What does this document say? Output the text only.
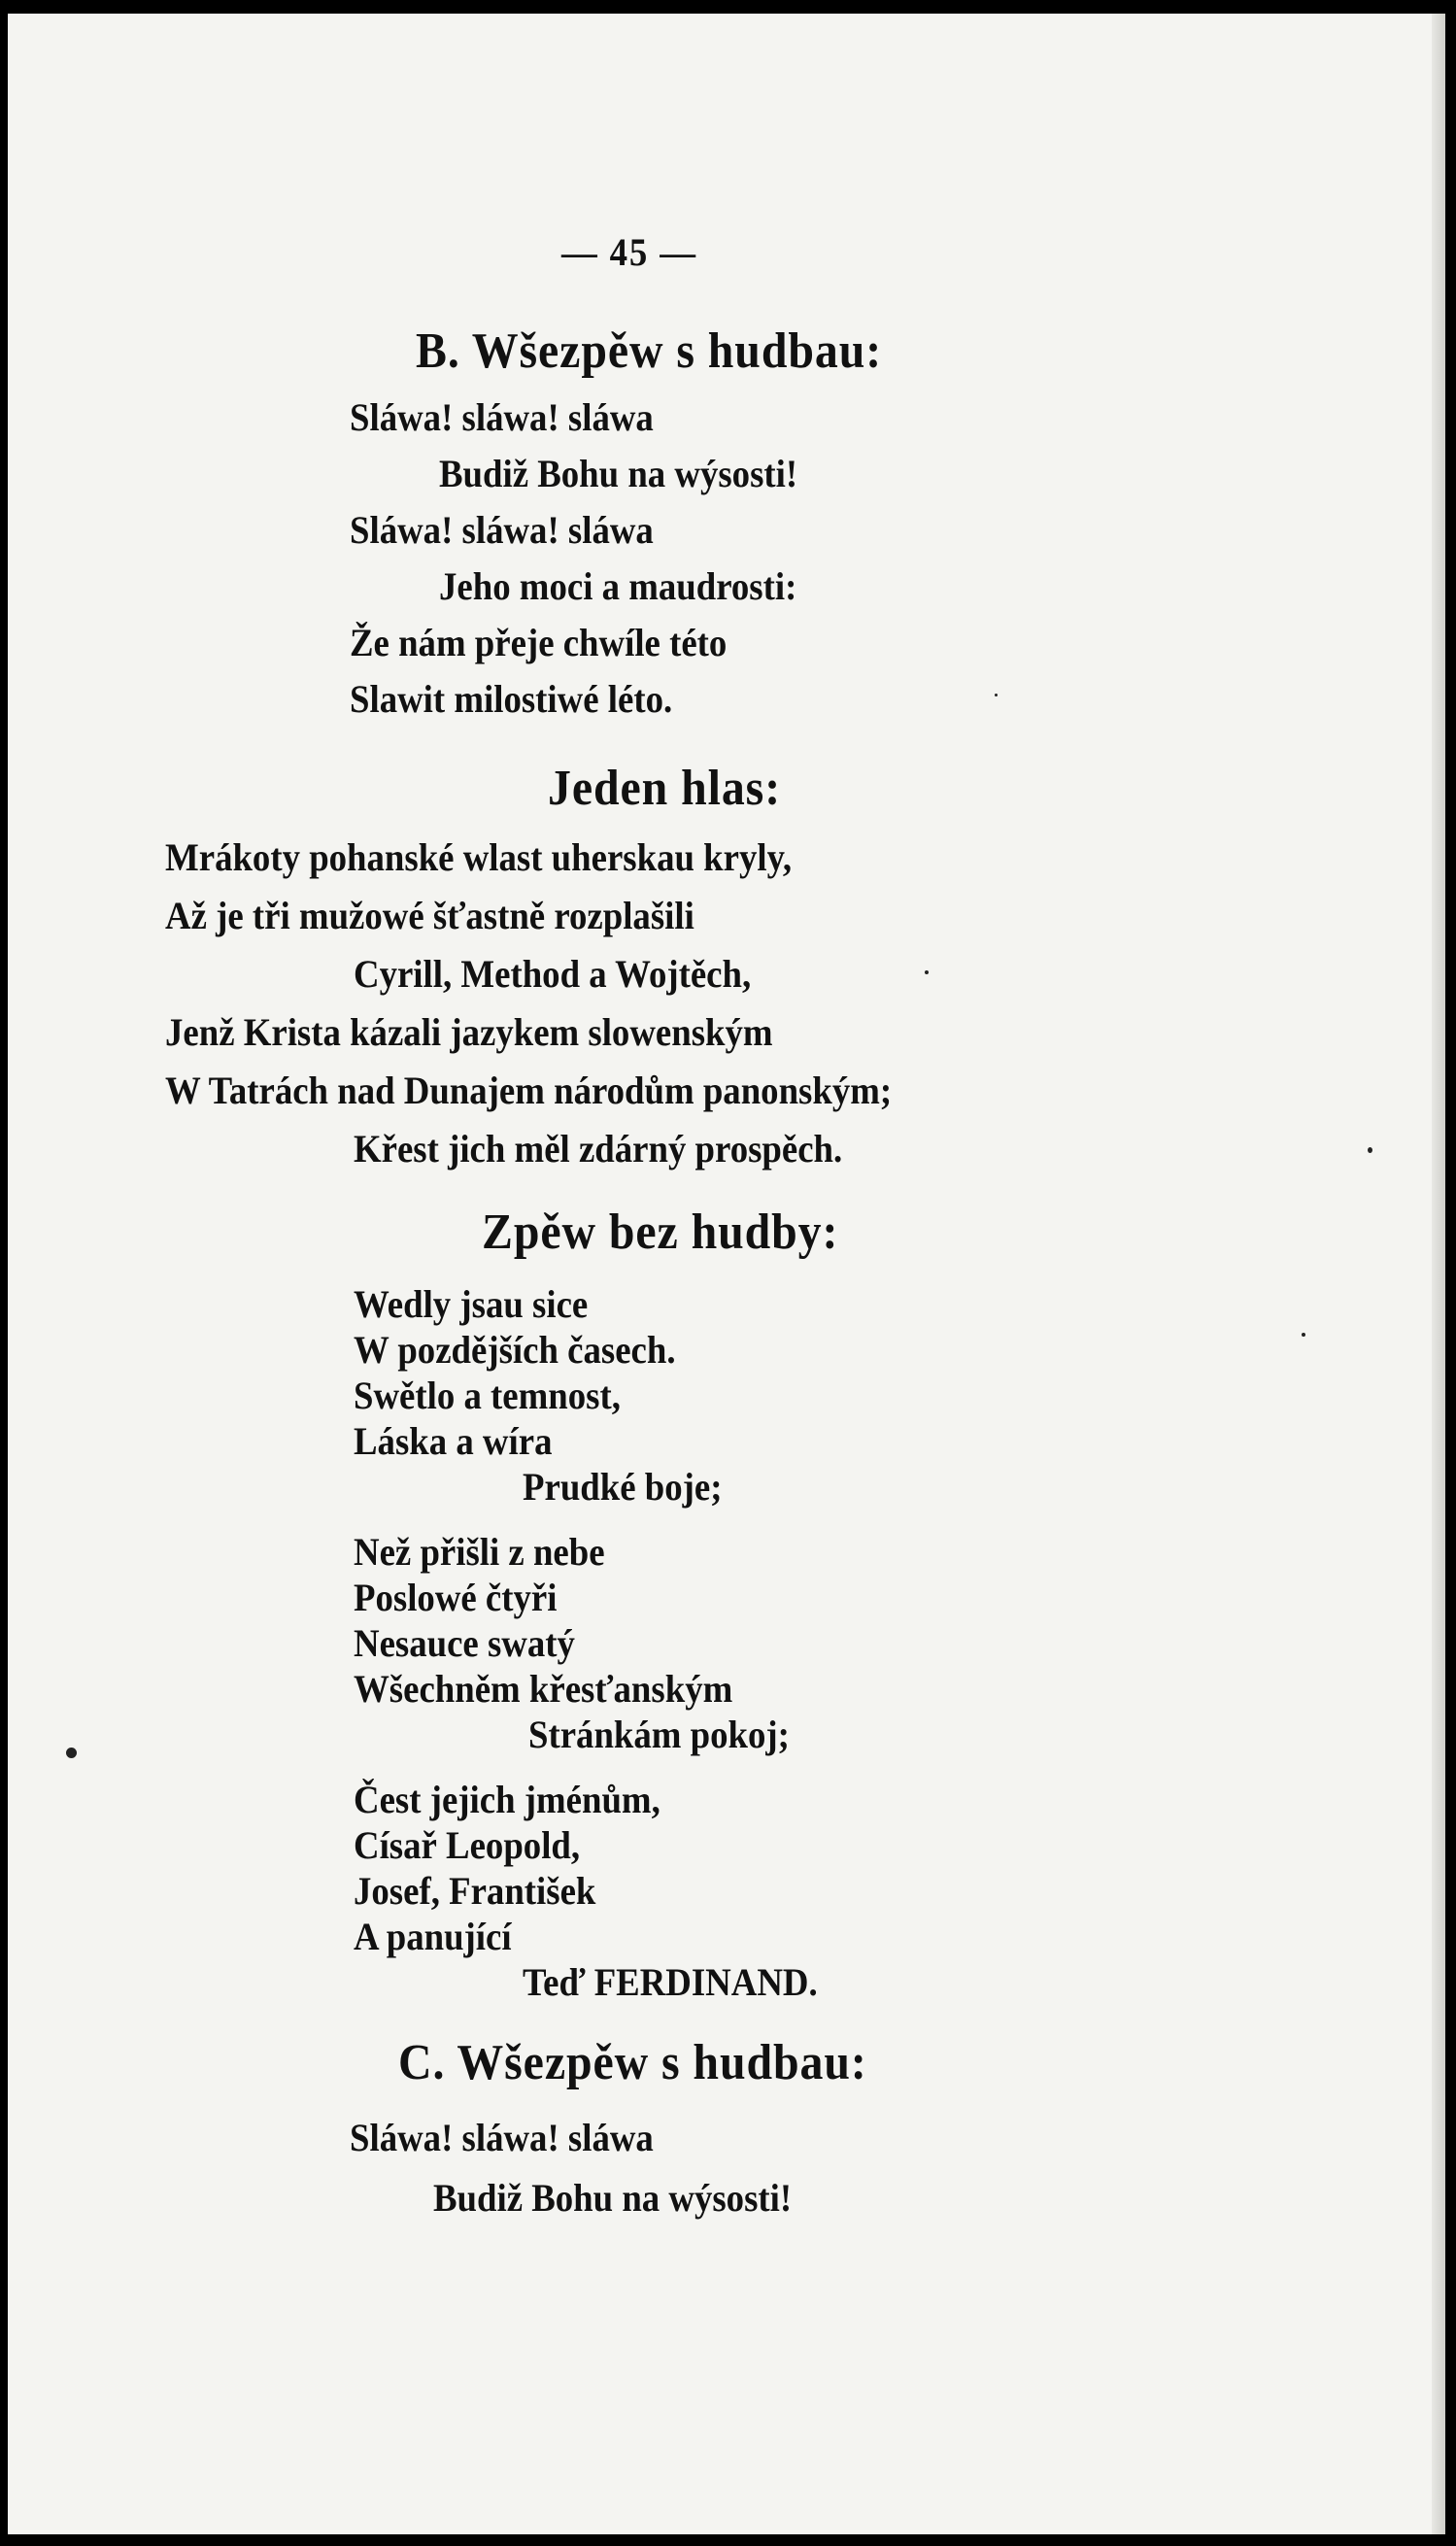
— 45 —
B. Wšezpěw s hudbau:
Sláwa! sláwa! sláwa
Budiž Bohu na wýsosti!
Sláwa! sláwa! sláwa
Jeho moci a maudrosti:
Že nám přeje chwíle této
Slawit milostiwé léto.
Jeden hlas:
Mrákoty pohanské wlast uherskau kryly,
Až je tři mužowé šťastně rozplašili
Cyrill, Method a Wojtěch,
Jenž Krista kázali jazykem slowenským
W Tatrách nad Dunajem národům panonským;
Křest jich měl zdárný prospěch.
Zpěw bez hudby:
Wedly jsau sice
W pozdějších časech.
Swětlo a temnost,
Láska a wíra
Prudké boje;
Než přišli z nebe
Poslowé čtyři
Nesauce swatý
Wšechněm křesťanským
Stránkám pokoj;
Čest jejich jménům,
Císař Leopold,
Josef, František
A panující
Teď FERDINAND.
C. Wšezpěw s hudbau:
Sláwa! sláwa! sláwa
Budiž Bohu na wýsosti!
